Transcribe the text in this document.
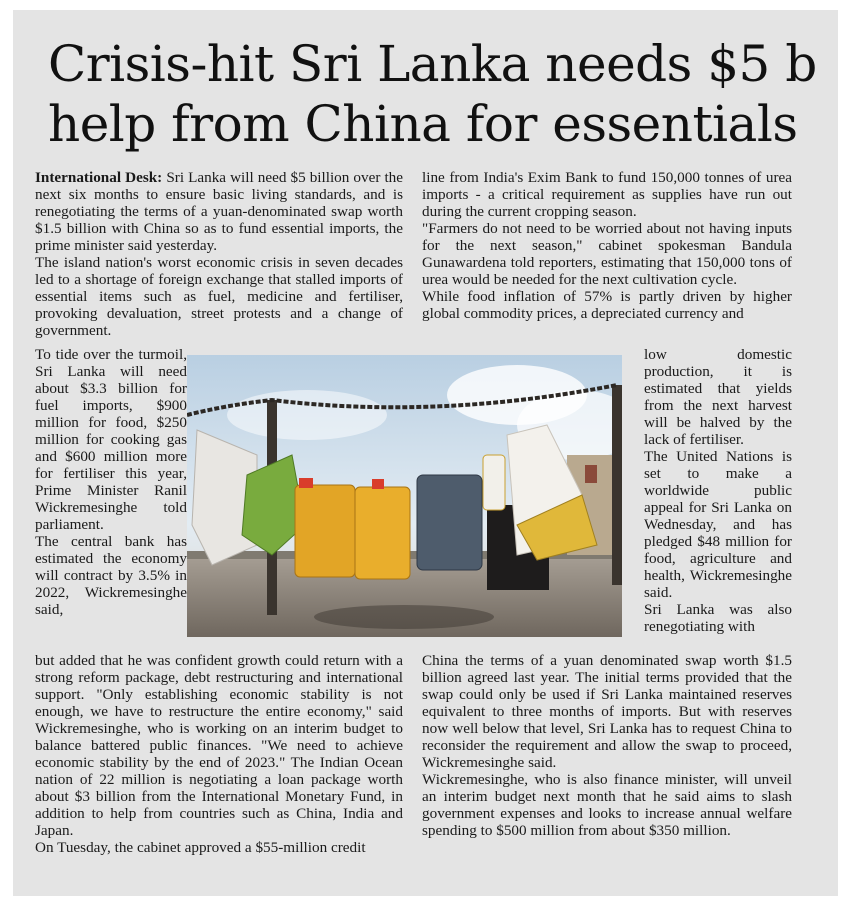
Crisis-hit Sri Lanka needs $5 b help from China for essentials

International Desk: Sri Lanka will need $5 billion over the next six months to ensure basic living standards, and is renegotiating the terms of a yuan-denominated swap worth $1.5 billion with China so as to fund essential imports, the prime minister said yesterday.

The island nation's worst economic crisis in seven decades led to a shortage of foreign exchange that stalled imports of essential items such as fuel, medicine and fertiliser, provoking devaluation, street protests and a change of government.

To tide over the turmoil, Sri Lanka will need about $3.3 billion for fuel imports, $900 million for food, $250 million for cooking gas and $600 million more for fertiliser this year, Prime Minister Ranil Wickremesinghe told parliament.

The central bank has estimated the economy will contract by 3.5% in 2022, Wickremesinghe said,

but added that he was confident growth could return with a strong reform package, debt restructuring and international support. "Only establishing economic stability is not enough, we have to restructure the entire economy," said Wickremesinghe, who is working on an interim budget to balance battered public finances. "We need to achieve economic stability by the end of 2023." The Indian Ocean nation of 22 million is negotiating a loan package worth about $3 billion from the International Monetary Fund, in addition to help from countries such as China, India and Japan.

On Tuesday, the cabinet approved a $55-million credit

line from India's Exim Bank to fund 150,000 tonnes of urea imports - a critical requirement as supplies have run out during the current cropping season.

"Farmers do not need to be worried about not having inputs for the next season," cabinet spokesman Bandula Gunawardena told reporters, estimating that 150,000 tons of urea would be needed for the next cultivation cycle.

While food inflation of 57% is partly driven by higher global commodity prices, a depreciated currency and

low domestic production, it is estimated that yields from the next harvest will be halved by the lack of fertiliser.

The United Nations is set to make a worldwide public appeal for Sri Lanka on Wednesday, and has pledged $48 million for food, agriculture and health, Wickremesinghe said.

Sri Lanka was also renegotiating with

China the terms of a yuan denominated swap worth $1.5 billion agreed last year. The initial terms provided that the swap could only be used if Sri Lanka maintained reserves equivalent to three months of imports. But with reserves now well below that level, Sri Lanka has to request China to reconsider the requirement and allow the swap to proceed, Wickremesinghe said.

Wickremesinghe, who is also finance minister, will unveil an interim budget next month that he said aims to slash government expenses and looks to increase annual welfare spending to $500 million from about $350 million.
